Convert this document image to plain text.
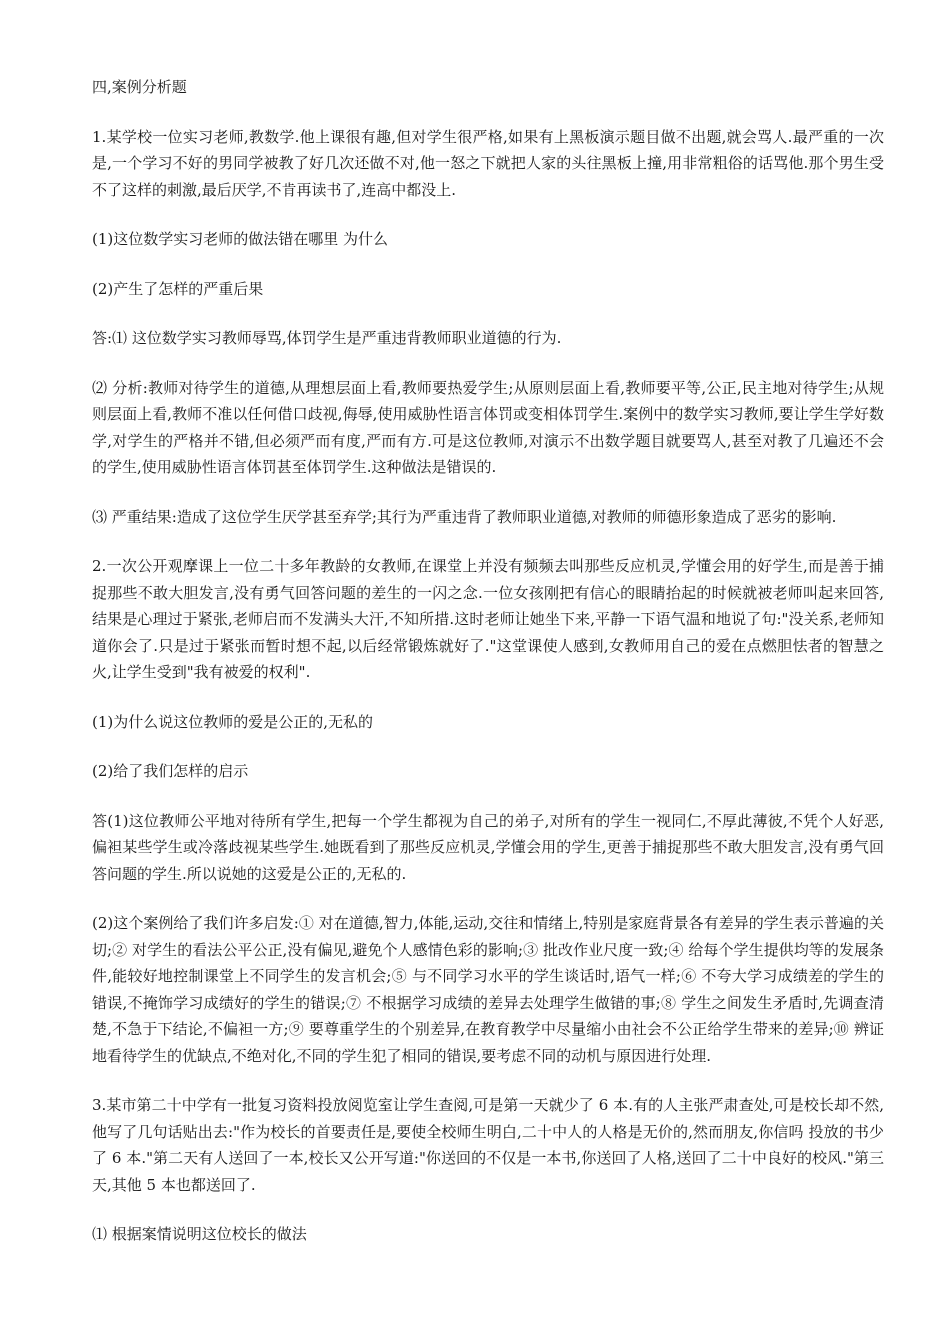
四,案例分析题

1.某学校一位实习老师,教数学.他上课很有趣,但对学生很严格,如果有上黑板演示题目做不出题,就会骂人.最严重的一次是,一个学习不好的男同学被教了好几次还做不对,他一怒之下就把人家的头往黑板上撞,用非常粗俗的话骂他.那个男生受不了这样的刺激,最后厌学,不肯再读书了,连高中都没上.

(1)这位数学实习老师的做法错在哪里 为什么

(2)产生了怎样的严重后果

答:⑴ 这位数学实习教师辱骂,体罚学生是严重违背教师职业道德的行为.

⑵ 分析:教师对待学生的道德,从理想层面上看,教师要热爱学生;从原则层面上看,教师要平等,公正,民主地对待学生;从规则层面上看,教师不准以任何借口歧视,侮辱,使用威胁性语言体罚或变相体罚学生.案例中的数学实习教师,要让学生学好数学,对学生的严格并不错,但必须严而有度,严而有方.可是这位教师,对演示不出数学题目就要骂人,甚至对教了几遍还不会的学生,使用威胁性语言体罚甚至体罚学生.这种做法是错误的.

⑶ 严重结果:造成了这位学生厌学甚至弃学;其行为严重违背了教师职业道德,对教师的师德形象造成了恶劣的影响.

2.一次公开观摩课上一位二十多年教龄的女教师,在课堂上并没有频频去叫那些反应机灵,学懂会用的好学生,而是善于捕捉那些不敢大胆发言,没有勇气回答问题的差生的一闪之念.一位女孩刚把有信心的眼睛抬起的时候就被老师叫起来回答,结果是心理过于紧张,老师启而不发满头大汗,不知所措.这时老师让她坐下来,平静一下语气温和地说了句:"没关系,老师知道你会了.只是过于紧张而暂时想不起,以后经常锻炼就好了."这堂课使人感到,女教师用自己的爱在点燃胆怯者的智慧之火,让学生受到"我有被爱的权利".

(1)为什么说这位教师的爱是公正的,无私的

(2)给了我们怎样的启示

答(1)这位教师公平地对待所有学生,把每一个学生都视为自己的弟子,对所有的学生一视同仁,不厚此薄彼,不凭个人好恶,偏袒某些学生或冷落歧视某些学生.她既看到了那些反应机灵,学懂会用的学生,更善于捕捉那些不敢大胆发言,没有勇气回答问题的学生.所以说她的这爱是公正的,无私的.

(2)这个案例给了我们许多启发:① 对在道德,智力,体能,运动,交往和情绪上,特别是家庭背景各有差异的学生表示普遍的关切;② 对学生的看法公平公正,没有偏见,避免个人感情色彩的影响;③ 批改作业尺度一致;④ 给每个学生提供均等的发展条件,能较好地控制课堂上不同学生的发言机会;⑤ 与不同学习水平的学生谈话时,语气一样;⑥ 不夸大学习成绩差的学生的错误,不掩饰学习成绩好的学生的错误;⑦ 不根据学习成绩的差异去处理学生做错的事;⑧ 学生之间发生矛盾时,先调查清楚,不急于下结论,不偏袒一方;⑨ 要尊重学生的个别差异,在教育教学中尽量缩小由社会不公正给学生带来的差异;⑩ 辨证地看待学生的优缺点,不绝对化,不同的学生犯了相同的错误,要考虑不同的动机与原因进行处理.

3.某市第二十中学有一批复习资料投放阅览室让学生查阅,可是第一天就少了 6 本.有的人主张严肃查处,可是校长却不然,他写了几句话贴出去:"作为校长的首要责任是,要使全校师生明白,二十中人的人格是无价的,然而朋友,你信吗 投放的书少了 6 本."第二天有人送回了一本,校长又公开写道:"你送回的不仅是一本书,你送回了人格,送回了二十中良好的校风."第三天,其他 5 本也都送回了.

⑴ 根据案情说明这位校长的做法
